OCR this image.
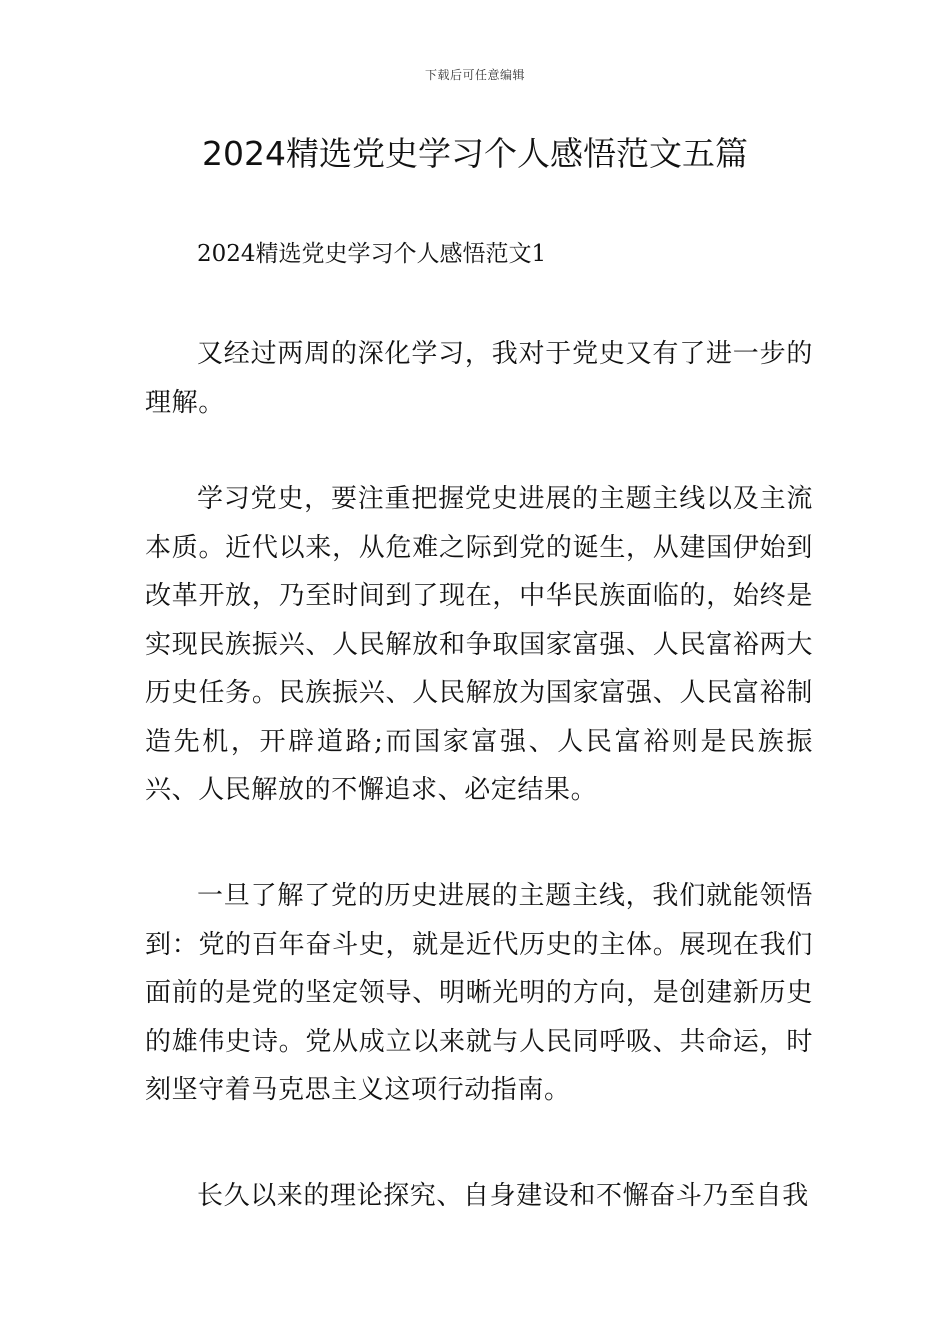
下载后可任意编辑
2024精选党史学习个人感悟范文五篇

2024精选党史学习个人感悟范文1

又经过两周的深化学习，我对于党史又有了进一步的理解。

学习党史，要注重把握党史进展的主题主线以及主流本质。近代以来，从危难之际到党的诞生，从建国伊始到改革开放，乃至时间到了现在，中华民族面临的，始终是实现民族振兴、人民解放和争取国家富强、人民富裕两大历史任务。民族振兴、人民解放为国家富强、人民富裕制造先机，开辟道路;而国家富强、人民富裕则是民族振兴、人民解放的不懈追求、必定结果。

一旦了解了党的历史进展的主题主线，我们就能领悟到：党的百年奋斗史，就是近代历史的主体。展现在我们面前的是党的坚定领导、明晰光明的方向，是创建新历史的雄伟史诗。党从成立以来就与人民同呼吸、共命运，时刻坚守着马克思主义这项行动指南。

长久以来的理论探究、自身建设和不懈奋斗乃至自我
